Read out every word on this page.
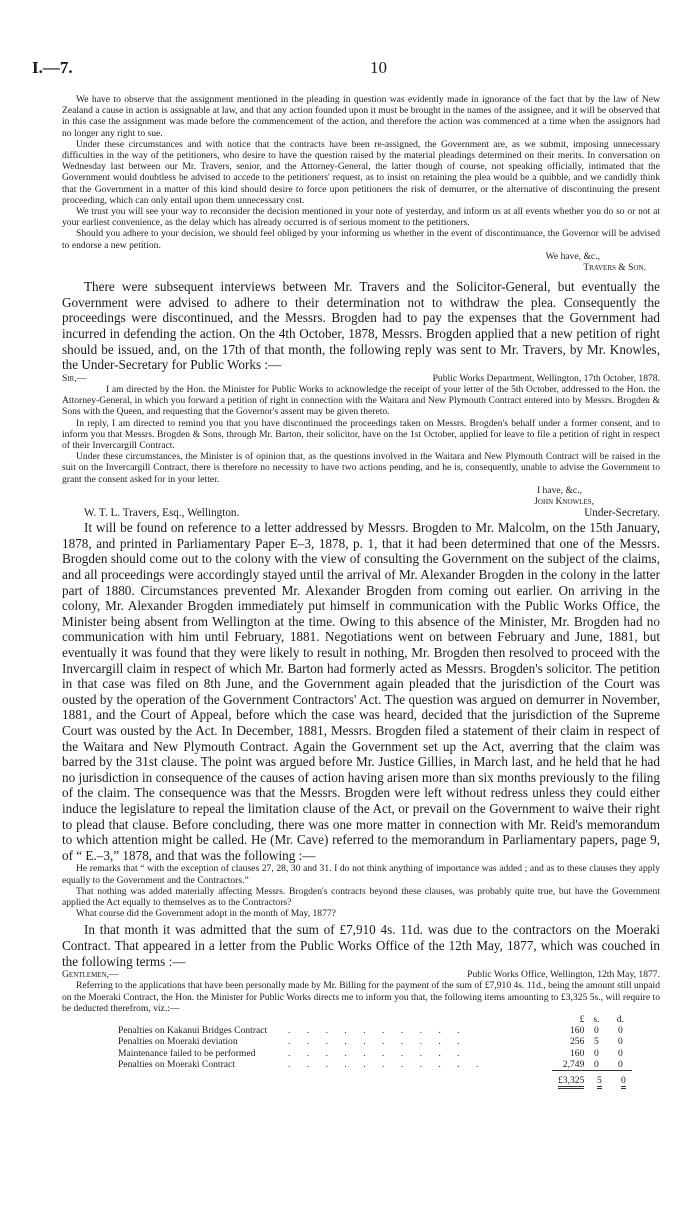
I.—7.	10

We have to observe that the assignment mentioned in the pleading in question was evidently made in ignorance of the fact that by the law of New Zealand a cause in action is assignable at law, and that any action founded upon it must be brought in the names of the assignee, and it will be observed that in this case the assignment was made before the commencement of the action, and therefore the action was commenced at a time when the assignors had no longer any right to sue.

Under these circumstances and with notice that the contracts have been re-assigned, the Government are, as we submit, imposing unnecessary difficulties in the way of the petitioners, who desire to have the question raised by the material pleadings determined on their merits. In conversation on Wednesday last between our Mr. Travers, senior, and the Attorney-General, the latter though of course, not speaking officially, intimated that the Government would doubtless be advised to accede to the petitioners' request, as to insist on retaining the plea would be a quibble, and we candidly think that the Government in a matter of this kind should desire to force upon petitioners the risk of demurrer, or the alternative of discontinuing the present proceeding, which can only entail upon them unnecessary cost.

We trust you will see your way to reconsider the decision mentioned in your note of yesterday, and inform us at all events whether you do so or not at your earliest convenience, as the delay which has already occurred is of serious moment to the petitioners.

Should you adhere to your decision, we should feel obliged by your informing us whether in the event of discontinuance, the Governor will be advised to endorse a new petition.

We have, &c.,

Travers & Son.

There were subsequent interviews between Mr. Travers and the Solicitor-General, but eventually the Government were advised to adhere to their determination not to withdraw the plea. Consequently the proceedings were discontinued, and the Messrs. Brogden had to pay the expenses that the Government had incurred in defending the action. On the 4th October, 1878, Messrs. Brogden applied that a new petition of right should be issued, and, on the 17th of that month, the following reply was sent to Mr. Travers, by Mr. Knowles, the Under-Secretary for Public Works :—

Sir,—	Public Works Department, Wellington, 17th October, 1878.

I am directed by the Hon. the Minister for Public Works to acknowledge the receipt of your letter of the 5th October, addressed to the Hon. the Attorney-General, in which you forward a petition of right in connection with the Waitara and New Plymouth Contract entered into by Messrs. Brogden & Sons with the Queen, and requesting that the Governor's assent may be given thereto.

In reply, I am directed to remind you that you have discontinued the proceedings taken on Messrs. Brogden's behalf under a former consent, and to inform you that Messrs. Brogden & Sons, through Mr. Barton, their solicitor, have on the 1st October, applied for leave to file a petition of right in respect of their Invercargill Contract.

Under these circumstances, the Minister is of opinion that, as the questions involved in the Waitara and New Plymouth Contract will be raised in the suit on the Invercargill Contract, there is therefore no necessity to have two actions pending, and he is, consequently, unable to advise the Government to grant the consent asked for in your letter.

I have, &c.,

John Knowles,

W. T. L. Travers, Esq., Wellington.	Under-Secretary.

It will be found on reference to a letter addressed by Messrs. Brogden to Mr. Malcolm, on the 15th January, 1878, and printed in Parliamentary Paper E–3, 1878, p. 1, that it had been determined that one of the Messrs. Brogden should come out to the colony with the view of consulting the Government on the subject of the claims, and all proceedings were accordingly stayed until the arrival of Mr. Alexander Brogden in the colony in the latter part of 1880. Circumstances prevented Mr. Alexander Brogden from coming out earlier. On arriving in the colony, Mr. Alexander Brogden immediately put himself in communication with the Public Works Office, the Minister being absent from Wellington at the time. Owing to this absence of the Minister, Mr. Brogden had no communication with him until February, 1881. Negotiations went on between February and June, 1881, but eventually it was found that they were likely to result in nothing, Mr. Brogden then resolved to proceed with the Invercargill claim in respect of which Mr. Barton had formerly acted as Messrs. Brogden's solicitor. The petition in that case was filed on 8th June, and the Government again pleaded that the jurisdiction of the Court was ousted by the operation of the Government Contractors' Act. The question was argued on demurrer in November, 1881, and the Court of Appeal, before which the case was heard, decided that the jurisdiction of the Supreme Court was ousted by the Act. In December, 1881, Messrs. Brogden filed a statement of their claim in respect of the Waitara and New Plymouth Contract. Again the Government set up the Act, averring that the claim was barred by the 31st clause. The point was argued before Mr. Justice Gillies, in March last, and he held that he had no jurisdiction in consequence of the causes of action having arisen more than six months previously to the filing of the claim. The consequence was that the Messrs. Brogden were left without redress unless they could either induce the legislature to repeal the limitation clause of the Act, or prevail on the Government to waive their right to plead that clause. Before concluding, there was one more matter in connection with Mr. Reid's memorandum to which attention might be called. He (Mr. Cave) referred to the memorandum in Parliamentary papers, page 9, of “ E.–3,” 1878, and that was the following :—

He remarks that “ with the exception of clauses 27, 28, 30 and 31. I do not think anything of importance was added ; and as to these clauses they apply equally to the Government and the Contractors.”

That nothing was added materially affecting Messrs. Brogden's contracts beyond these clauses, was probably quite true, but have the Government applied the Act equally to themselves as to the Contractors?

What course did the Government adopt in the month of May, 1877?

In that month it was admitted that the sum of £7,910 4s. 11d. was due to the contractors on the Moeraki Contract. That appeared in a letter from the Public Works Office of the 12th May, 1877, which was couched in the following terms :—

Gentlemen,—	Public Works Office, Wellington, 12th May, 1877.

Referring to the applications that have been personally made by Mr. Billing for the payment of the sum of £7,910 4s. 11d., being the amount still unpaid on the Moeraki Contract, the Hon. the Minister for Public Works directs me to inform you that, the following items amounting to £3,325 5s., will require to be deducted therefrom, viz.:—

		£	s.	d.
Penalties on Kakanui Bridges Contract	. . . . . . . . . .	160	0	0
Penalties on Moeraki deviation	. . . . . . . . . .	256	5	0
Maintenance failed to be performed	. . . . . . . . . .	160	0	0
Penalties on Moeraki Contract	. . . . . . . . . . .	2,749	0	0
		£3,325	5	0
